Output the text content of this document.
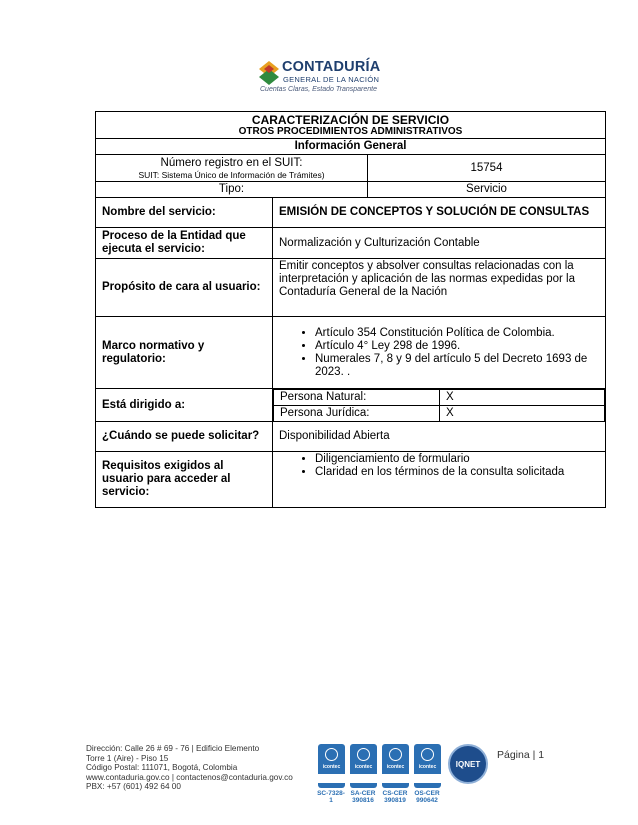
CONTADURÍA
GENERAL DE LA NACIÓN
Cuentas Claras, Estado Transparente
CARACTERIZACIÓN DE SERVICIO
OTROS PROCEDIMIENTOS ADMINISTRATIVOS

Información General

Número registro en el SUIT:
SUIT: Sistema Único de Información de Trámites)
	15754
Tipo:	Servicio
Nombre del servicio:	EMISIÓN DE CONCEPTOS Y SOLUCIÓN DE CONSULTAS
Proceso de la Entidad que ejecuta el servicio:	Normalización y Culturización Contable
Propósito de cara al usuario:	Emitir conceptos y absolver consultas relacionadas con la interpretación y aplicación de las normas expedidas por la Contaduría General de la Nación
Marco normativo y regulatorio:	
• Artículo 354 Constitución Política de Colombia.
• Artículo 4° Ley 298 de 1996.
• Numerales 7, 8 y 9 del artículo 5 del Decreto 1693 de 2023. .

Está dirigido a:	
Persona Natural:	X
Persona Jurídica:	X

¿Cuándo se puede solicitar?	Disponibilidad Abierta
Requisitos exigidos al usuario para acceder al servicio:	
• Diligenciamiento de formulario
• Claridad en los términos de la consulta solicitada
Dirección: Calle 26 # 69 - 76 | Edificio Elemento
Torre 1 (Aire) - Piso 15
Código Postal: 111071, Bogotá, Colombia
www.contaduria.gov.co | contactenos@contaduria.gov.co
PBX: +57 (601) 492 64 00
icontec
SC-7328-1
icontec
SA-CER 390816
icontec
CS-CER 390819
icontec
OS-CER 990642
IQNET
Página | 1
